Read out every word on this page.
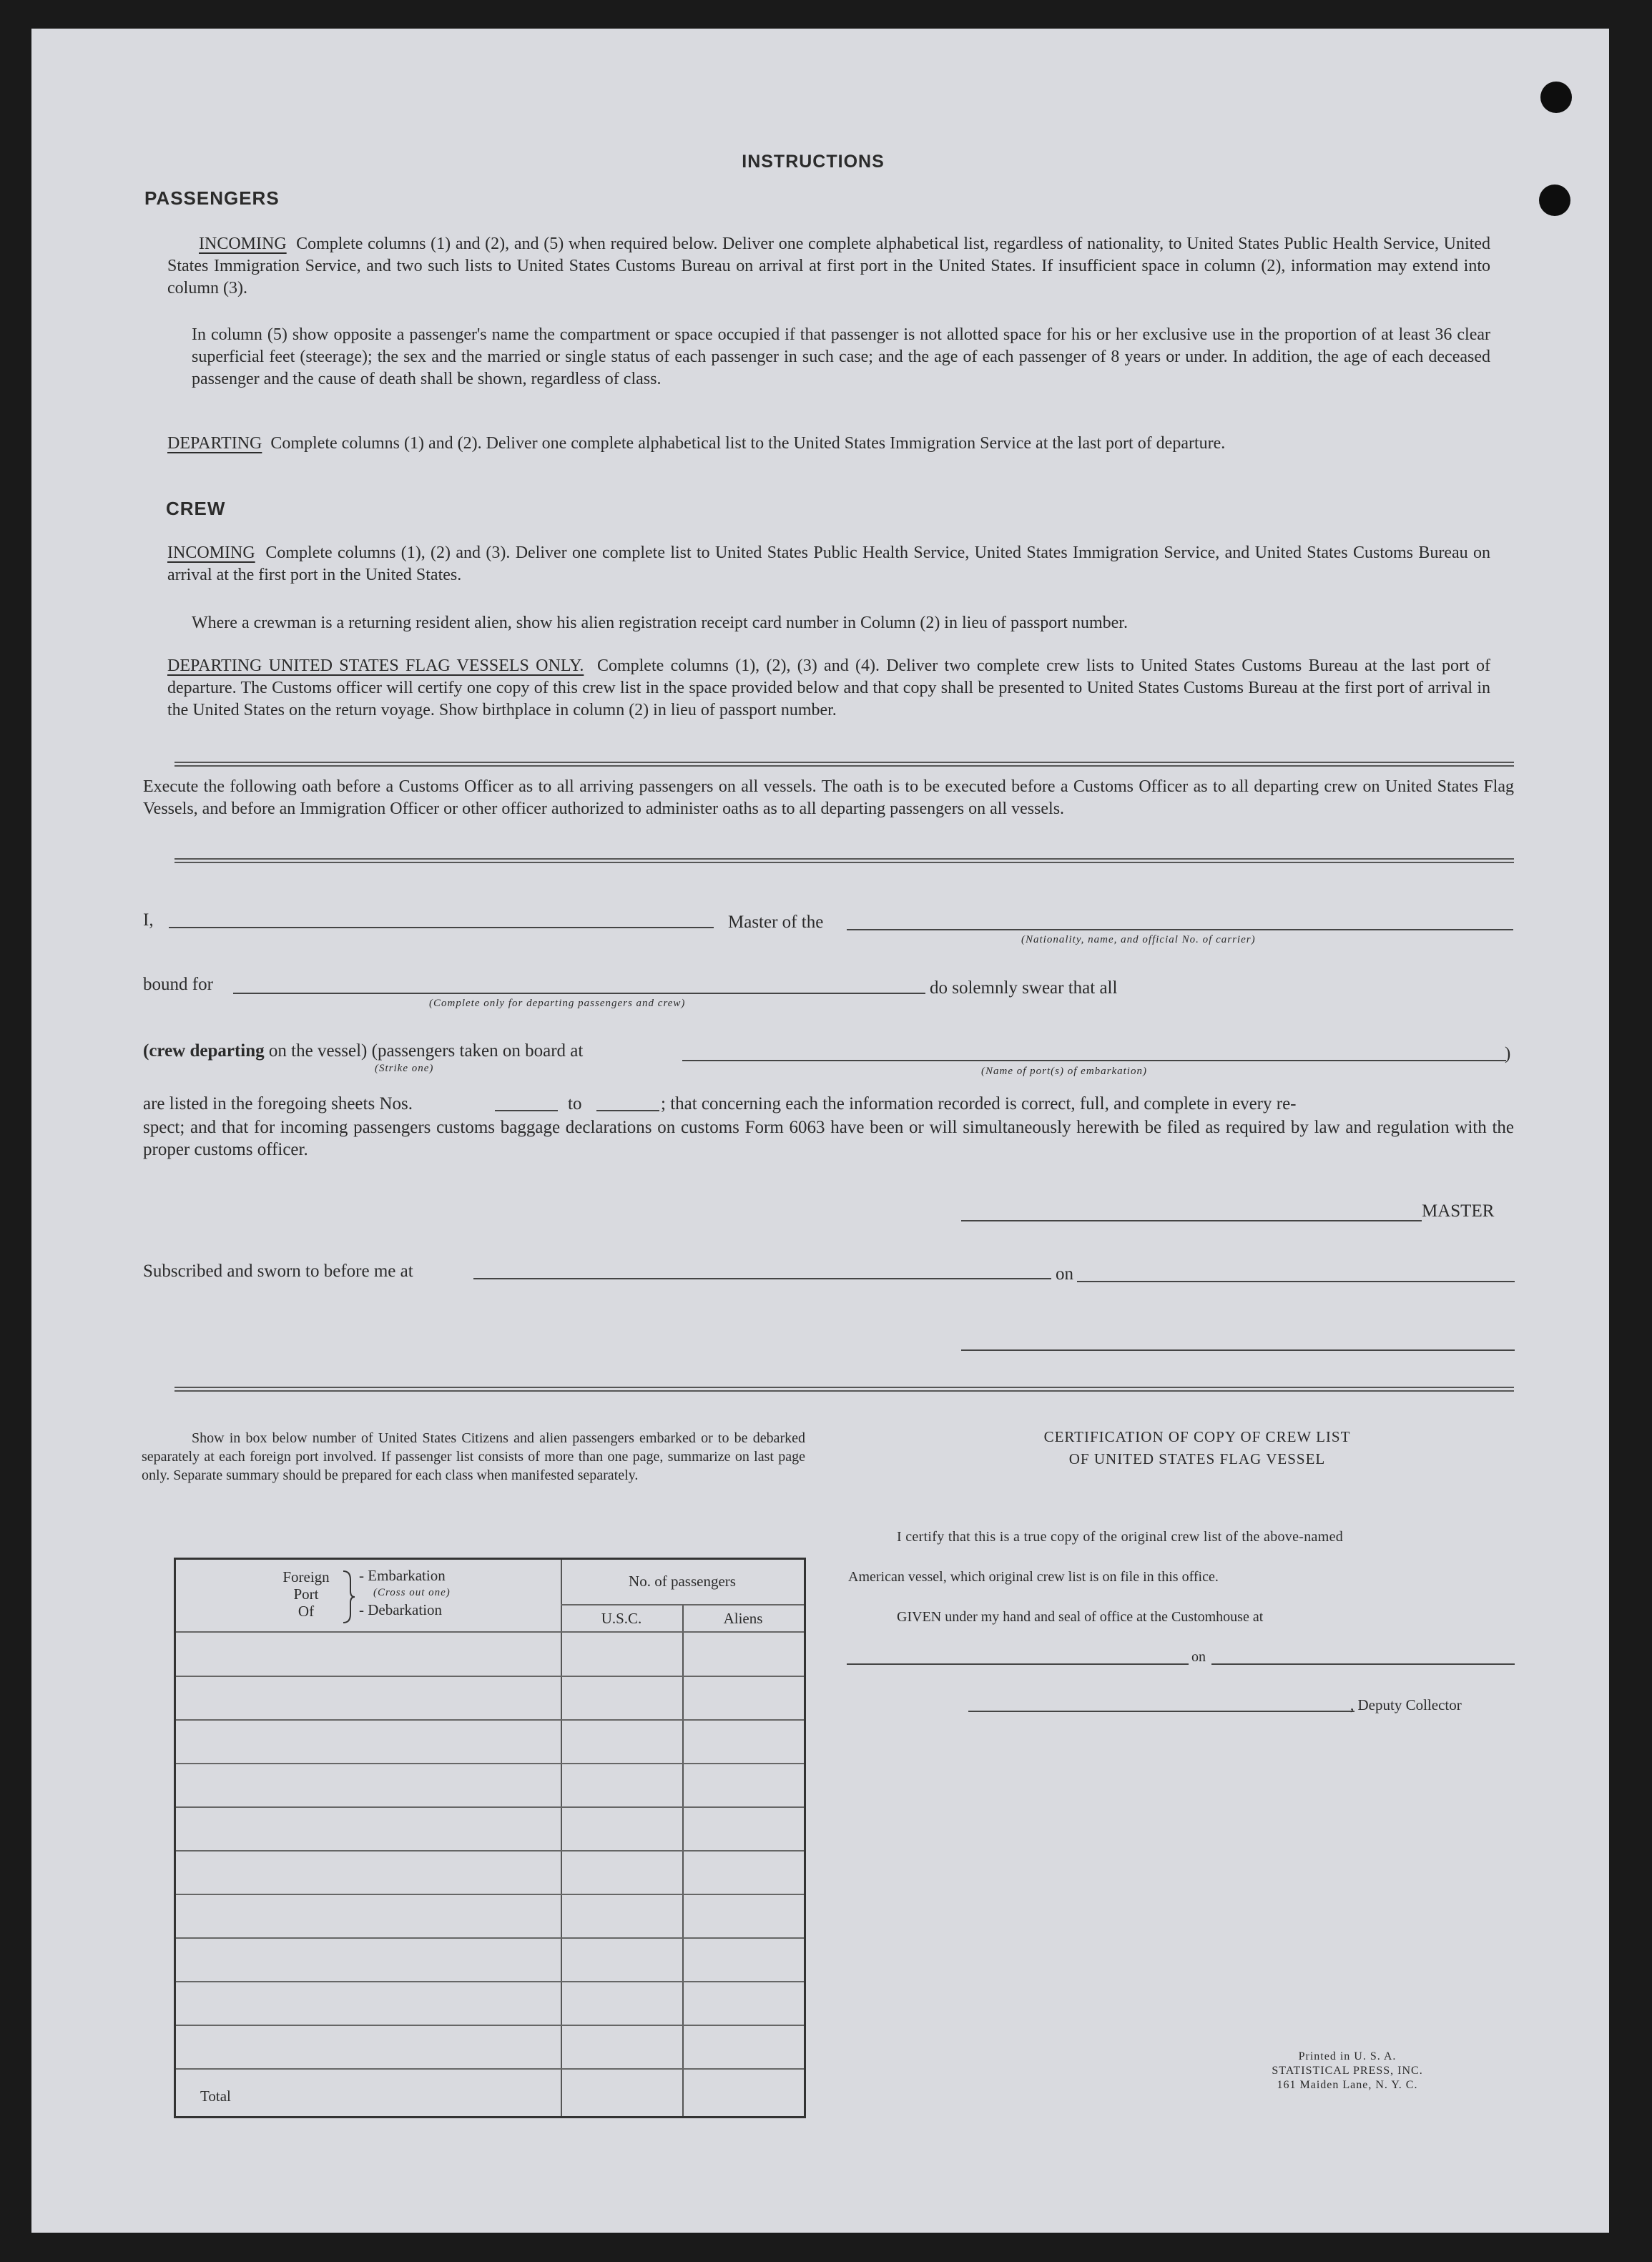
INSTRUCTIONS
PASSENGERS

INCOMING Complete columns (1) and (2), and (5) when required below. Deliver one complete alphabetical list, regardless of nationality, to United States Public Health Service, United States Immigration Service, and two such lists to United States Customs Bureau on arrival at first port in the United States. If insufficient space in column (2), information may extend into column (3).

In column (5) show opposite a passenger's name the compartment or space occupied if that passenger is not allotted space for his or her exclusive use in the proportion of at least 36 clear superficial feet (steerage); the sex and the married or single status of each passenger in such case; and the age of each passenger of 8 years or under. In addition, the age of each deceased passenger and the cause of death shall be shown, regardless of class.

DEPARTING Complete columns (1) and (2). Deliver one complete alphabetical list to the United States Immigration Service at the last port of departure.

CREW

INCOMING Complete columns (1), (2) and (3). Deliver one complete list to United States Public Health Service, United States Immigration Service, and United States Customs Bureau on arrival at the first port in the United States.

Where a crewman is a returning resident alien, show his alien registration receipt card number in Column (2) in lieu of passport number.

DEPARTING UNITED STATES FLAG VESSELS ONLY. Complete columns (1), (2), (3) and (4). Deliver two complete crew lists to United States Customs Bureau at the last port of departure. The Customs officer will certify one copy of this crew list in the space provided below and that copy shall be presented to United States Customs Bureau at the first port of arrival in the United States on the return voyage. Show birthplace in column (2) in lieu of passport number.

Execute the following oath before a Customs Officer as to all arriving passengers on all vessels. The oath is to be executed before a Customs Officer as to all departing crew on United States Flag Vessels, and before an Immigration Officer or other officer authorized to administer oaths as to all departing passengers on all vessels.

I,	Master of the
(Nationality, name, and official No. of carrier)
bound for
(Complete only for departing passengers and crew)
do solemnly swear that all
(crew departing on the vessel) (passengers taken on board at
(Strike one)
)
(Name of port(s) of embarkation)
are listed in the foregoing sheets Nos.	to	; that concerning each the information recorded is correct, full, and complete in every re-

spect; and that for incoming passengers customs baggage declarations on customs Form 6063 have been or will simultaneously herewith be filed as required by law and regulation with the proper customs officer.

MASTER
Subscribed and sworn to before me at	on

Show in box below number of United States Citizens and alien passengers embarked or to be debarked separately at each foreign port involved. If passenger list consists of more than one page, summarize on last page only. Separate summary should be prepared for each class when manifested separately.

Foreign
Port
Of
- Embarkation
(Cross out one)
- Debarkation
No. of passengers
U.S.C.	Aliens
Total
CERTIFICATION OF COPY OF CREW LIST
OF UNITED STATES FLAG VESSEL
I certify that this is a true copy of the original crew list of the above-named
American vessel, which original crew list is on file in this office.
GIVEN under my hand and seal of office at the Customhouse at
on
, Deputy Collector
Printed in U. S. A.
STATISTICAL PRESS, INC.
161 Maiden Lane, N. Y. C.
